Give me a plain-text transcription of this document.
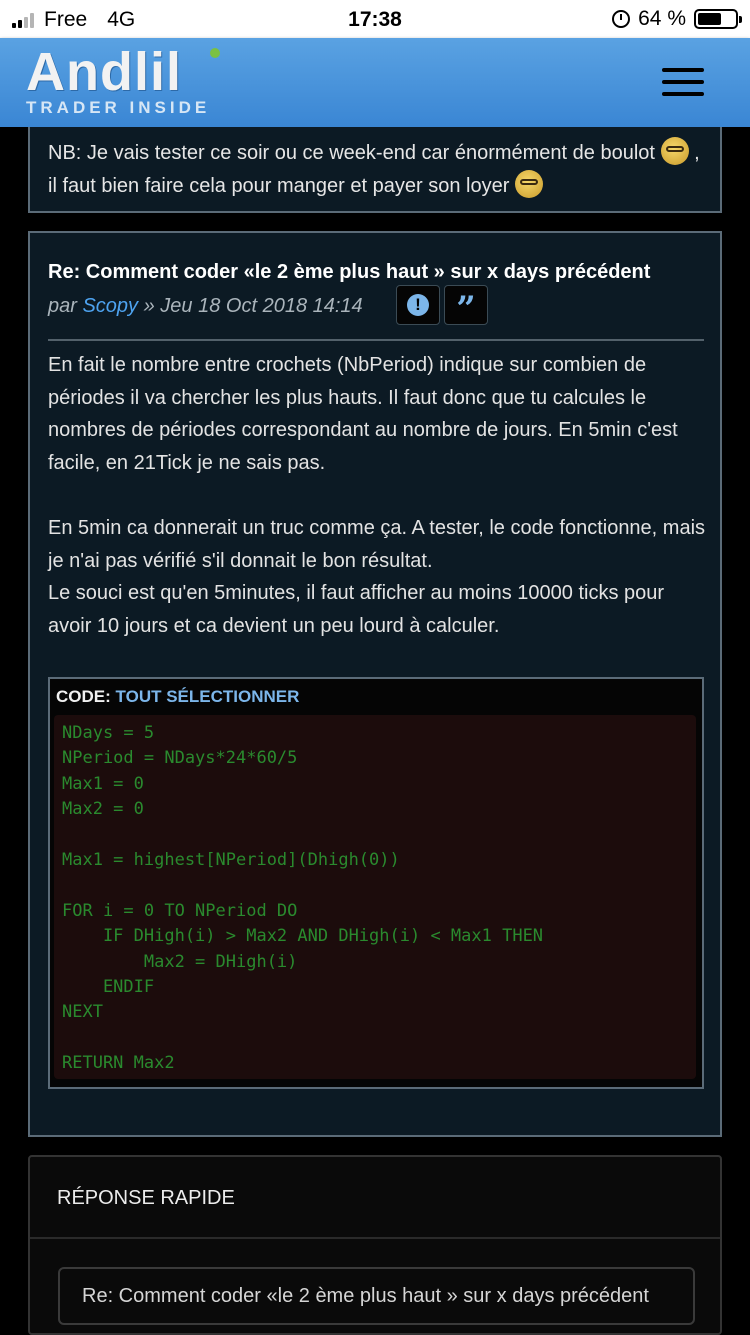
Free 4G	17:38	64 %
Andlil
TRADER INSIDE
NB: Je vais tester ce soir ou ce week-end car énormément de boulot , il faut bien faire cela pour manger et payer son loyer
Re: Comment coder «le 2 ème plus haut » sur x days précédent
par Scopy » Jeu 18 Oct 2018 14:14	! ”

En fait le nombre entre crochets (NbPeriod) indique sur combien de périodes il va chercher les plus hauts. Il faut donc que tu calcules le nombres de périodes correspondant au nombre de jours. En 5min c'est facile, en 21Tick je ne sais pas.

En 5min ca donnerait un truc comme ça. A tester, le code fonctionne, mais je n'ai pas vérifié s'il donnait le bon résultat.

Le souci est qu'en 5minutes, il faut afficher au moins 10000 ticks pour avoir 10 jours et ca devient un peu lourd à calculer.

CODE: TOUT SÉLECTIONNER
NDays = 5
NPeriod = NDays*24*60/5
Max1 = 0
Max2 = 0

Max1 = highest[NPeriod](Dhigh(0))

FOR i = 0 TO NPeriod DO
IF DHigh(i) > Max2 AND DHigh(i) < Max1 THEN
Max2 = DHigh(i)
ENDIF
NEXT

RETURN Max2
RÉPONSE RAPIDE
Re: Comment coder «le 2 ème plus haut » sur x days précédent
